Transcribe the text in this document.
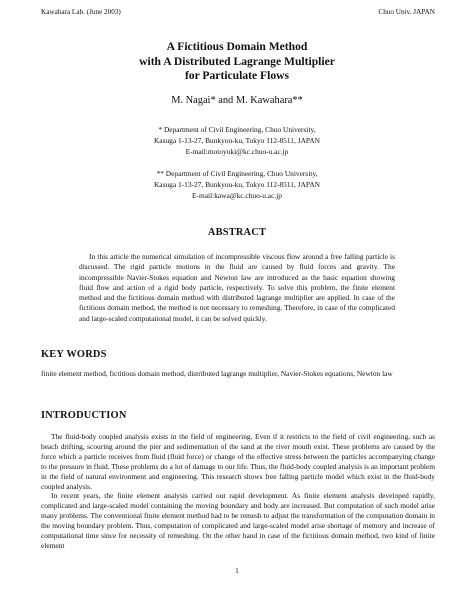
Kawahara Lab. (June 2003)	Chuo Univ. JAPAN
A Fictitious Domain Method
with A Distributed Lagrange Multiplier
for Particulate Flows
M. Nagai* and M. Kawahara**
* Department of Civil Engineering, Chuo University,
Kasuga 1-13-27, Bunkyou-ku, Tokyo 112-8511, JAPAN
E-mail:motoyuki@kc.chuo-u.ac.jp
** Department of Civil Engineering, Chuo University,
Kasuga 1-13-27, Bunkyou-ku, Tokyo 112-8511, JAPAN
E-mail:kawa@kc.chuo-u.ac.jp
ABSTRACT
In this article the numerical simulation of incompressible viscous flow around a free falling particle is discussed. The rigid particle motions in the fluid are caused by fluid forces and gravity. The incompressible Navier-Stokes equation and Newton law are introduced as the basic equation showing fluid flow and action of a rigid body particle, respectively. To solve this problem, the finite element method and the fictitious domain method with distributed lagrange multiplier are applied. In case of the fictitious domain method, the method is not necessary to remeshing. Therefore, in case of the complicated and large-scaled computational model, it can be solved quickly.
KEY WORDS
finite element method, fictitious domain method, distributed lagrange multiplier, Navier-Stokes equations, Newton law
INTRODUCTION

The fluid-body coupled analysis exists in the field of engineering. Even if it restricts to the field of civil engineering, such as beach drifting, scouring around the pier and sedimentation of the sand at the river mouth exist. These problems are caused by the force which a particle receives from fluid (fluid force) or change of the effective stress between the particles accompanying change to the pressure in fluid. These problems do a lot of damage to our life. Thus, the fluid-body coupled analysis is an important problem in the field of natural environment and engineering. This research shows free falling particle model which exist in the fluid-body coupled analysis.

In recent years, the finite element analysis carried out rapid development. As finite element analysis developed rapidly, complicated and large-scaled model containing the moving boundary and body are increased. But computation of such model arise many problems. The conventional finite element method had to be remesh to adjust the transformation of the computation domain in the moving boundary problem. Thus, computation of complicated and large-scaled model arise shortage of memory and increase of computational time since for necessity of remeshing. On the other hand in case of the fictitious domain method, two kind of finite element

1
